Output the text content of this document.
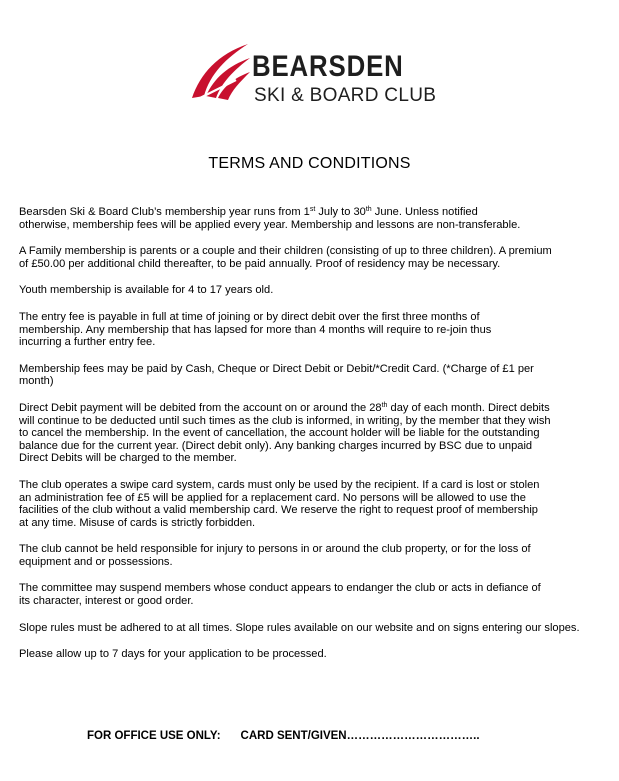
BEARSDEN
SKI & BOARD CLUB
TERMS AND CONDITIONS

Bearsden Ski & Board Club’s membership year runs from 1st July to 30th June. Unless notified
otherwise, membership fees will be applied every year. Membership and lessons are non-transferable.

A Family membership is parents or a couple and their children (consisting of up to three children). A premium
of £50.00 per additional child thereafter, to be paid annually. Proof of residency may be necessary.

Youth membership is available for 4 to 17 years old.

The entry fee is payable in full at time of joining or by direct debit over the first three months of
membership. Any membership that has lapsed for more than 4 months will require to re-join thus
incurring a further entry fee.

Membership fees may be paid by Cash, Cheque or Direct Debit or Debit/*Credit Card. (*Charge of £1 per
month)

Direct Debit payment will be debited from the account on or around the 28th day of each month. Direct debits
will continue to be deducted until such times as the club is informed, in writing, by the member that they wish
to cancel the membership. In the event of cancellation, the account holder will be liable for the outstanding
balance due for the current year. (Direct debit only). Any banking charges incurred by BSC due to unpaid
Direct Debits will be charged to the member.

The club operates a swipe card system, cards must only be used by the recipient. If a card is lost or stolen
an administration fee of £5 will be applied for a replacement card. No persons will be allowed to use the
facilities of the club without a valid membership card. We reserve the right to request proof of membership
at any time. Misuse of cards is strictly forbidden.

The club cannot be held responsible for injury to persons in or around the club property, or for the loss of
equipment and or possessions.

The committee may suspend members whose conduct appears to endanger the club or acts in defiance of
its character, interest or good order.

Slope rules must be adhered to at all times. Slope rules available on our website and on signs entering our slopes.

Please allow up to 7 days for your application to be processed.

FOR OFFICE USE ONLY: CARD SENT/GIVEN……………………………..
